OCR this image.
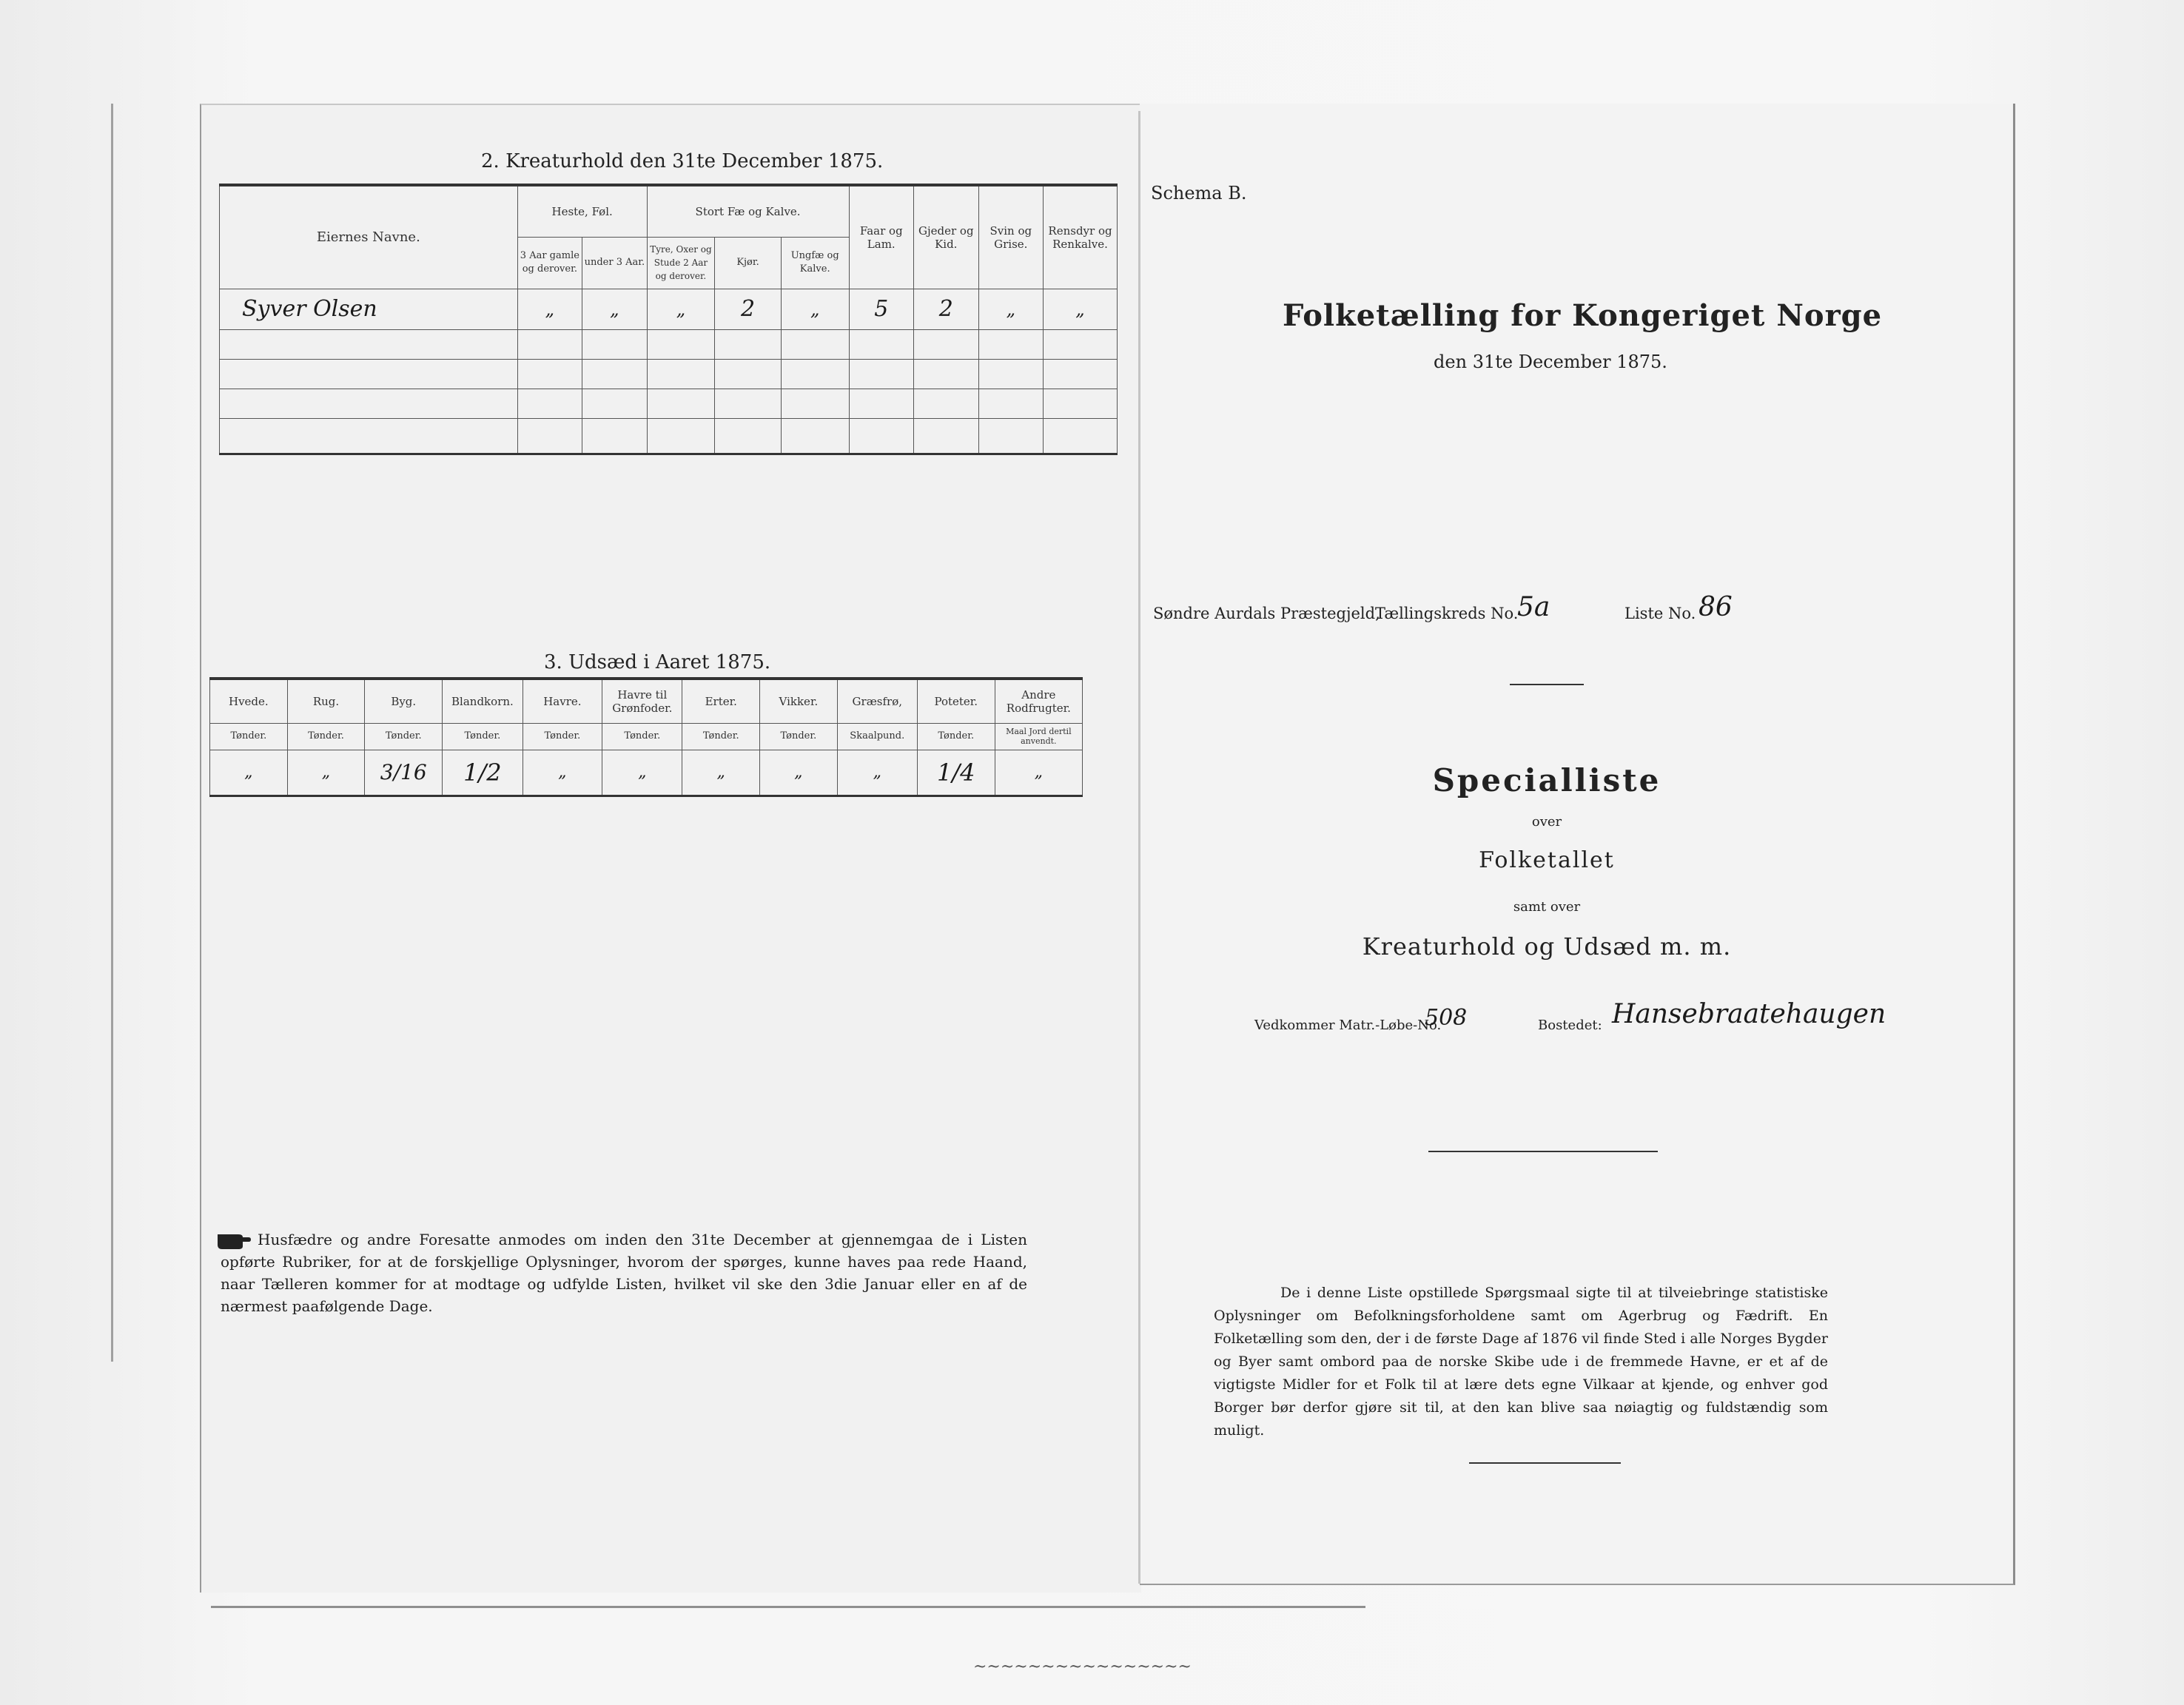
2. Kreaturhold den 31te December 1875.
Eiernes Navne.	Heste, Føl.		Stort Fæ og Kalve.			Faar og Lam.	Gjeder og Kid.	Svin og Grise.	Rensdyr og Renkalve.
	3 Aar gamle og derover.	under 3 Aar.	Tyre, Oxer og Stude 2 Aar og derover.	Kjør.	Ungfæ og Kalve.				
Syver Olsen	„	„	„	2	„	5	2	„	„

3. Udsæd i Aaret 1875.
Hvede.	Rug.	Byg.	Blandkorn.	Havre.	Havre til Grønfoder.	Erter.	Vikker.	Græsfrø,	Poteter.	Andre Rodfrugter.
Tønder.	Tønder.	Tønder.	Tønder.	Tønder.	Tønder.	Tønder.	Tønder.	Skaalpund.	Tønder.	Maal Jord dertil anvendt.
„	„	3/16	1/2	„	„	„	„	„	1/4	„
Husfædre og andre Foresatte anmodes om inden den 31te December at gjennemgaa de i Listen opførte Rubriker, for at de forskjellige Oplysninger, hvorom der spørges, kunne haves paa rede Haand, naar Tælleren kommer for at modtage og udfylde Listen, hvilket vil ske den 3die Januar eller en af de nærmest paafølgende Dage.
Schema B.
Folketælling for Kongeriget Norge
den 31te December 1875.
Søndre Aurdals Præstegjeld,
Tællingskreds No.
5a	Liste No. 86
Specialliste
over
Folketallet
samt over
Kreaturhold og Udsæd m. m.
Vedkommer Matr.-Løbe-No.
508	Bostedet: Hansebraatehaugen
De i denne Liste opstillede Spørgsmaal sigte til at tilveiebringe statistiske Oplysninger om Befolkningsforholdene samt om Agerbrug og Fædrift. En Folketælling som den, der i de første Dage af 1876 vil finde Sted i alle Norges Bygder og Byer samt ombord paa de norske Skibe ude i de fremmede Havne, er et af de vigtigste Midler for et Folk til at lære dets egne Vilkaar at kjende, og enhver god Borger bør derfor gjøre sit til, at den kan blive saa nøiagtig og fuldstændig som muligt.
~~~~~~~~~~~~~~~~
